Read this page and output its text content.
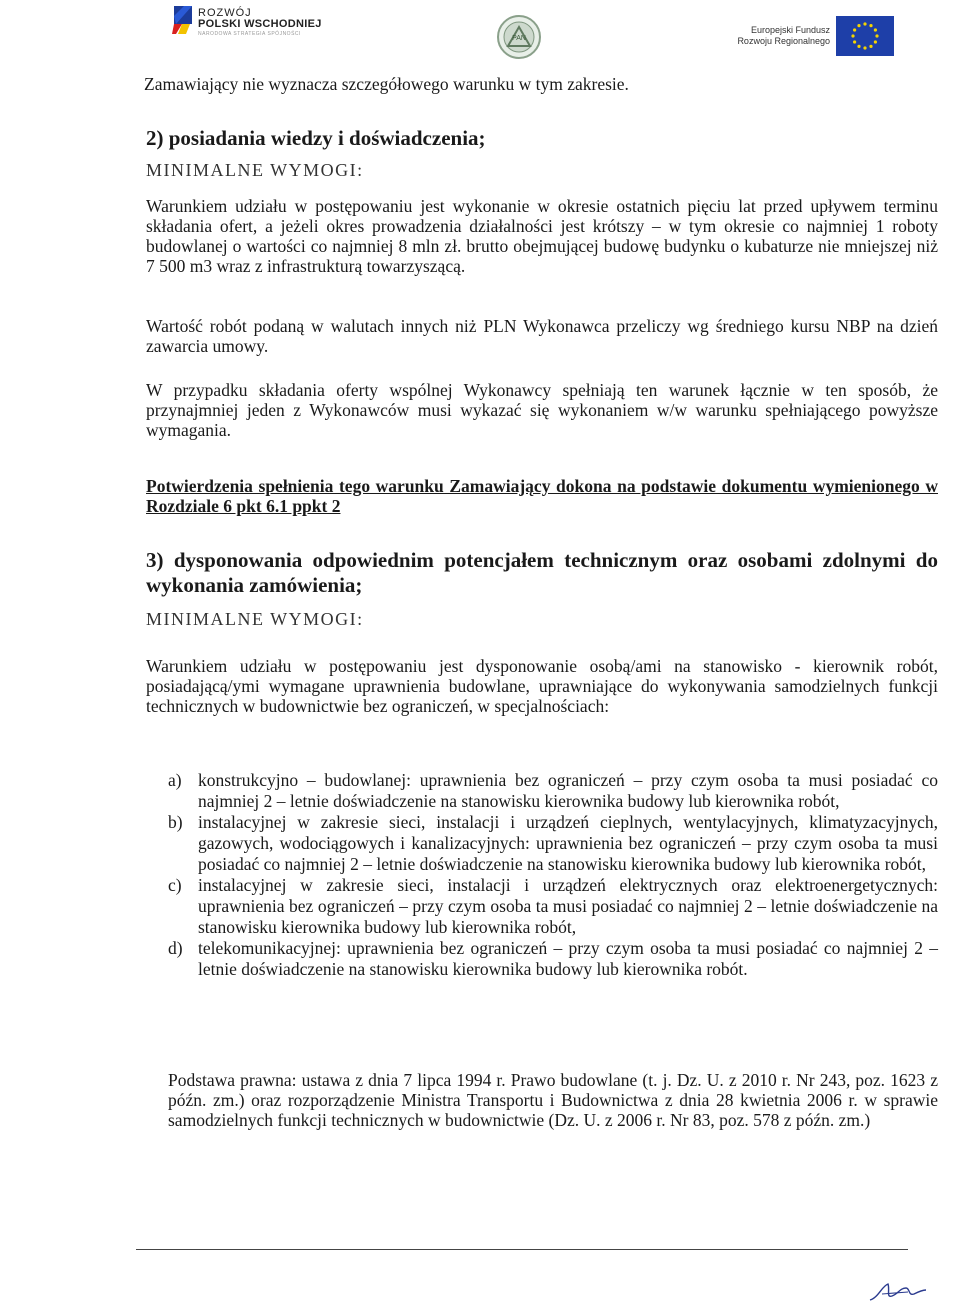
ROZWÓJ
POLSKI WSCHODNIEJ
NARODOWA STRATEGIA SPÓJNOŚCI
PAN
Europejski Fundusz
Rozwoju Regionalnego

Zamawiający nie wyznacza szczegółowego warunku w tym zakresie.

2) posiadania wiedzy i doświadczenia;

MINIMALNE WYMOGI:

Warunkiem udziału w postępowaniu jest wykonanie w okresie ostatnich pięciu lat przed upływem terminu składania ofert, a jeżeli okres prowadzenia działalności jest krótszy – w tym okresie co najmniej 1 roboty budowlanej o wartości co najmniej 8 mln zł. brutto obejmującej budowę budynku o kubaturze nie mniejszej niż 7 500 m3 wraz z infrastrukturą towarzyszącą.

Wartość robót podaną w walutach innych niż PLN Wykonawca przeliczy wg średniego kursu NBP na dzień zawarcia umowy.

W przypadku składania oferty wspólnej Wykonawcy spełniają ten warunek łącznie w ten sposób, że przynajmniej jeden z Wykonawców musi wykazać się wykonaniem w/w warunku spełniającego powyższe wymagania.

Potwierdzenia spełnienia tego warunku Zamawiający dokona na podstawie dokumentu wymienionego w Rozdziale 6 pkt 6.1 ppkt 2

3) dysponowania odpowiednim potencjałem technicznym oraz osobami zdolnymi do wykonania zamówienia;

MINIMALNE WYMOGI:

Warunkiem udziału w postępowaniu jest dysponowanie osobą/ami na stanowisko - kierownik robót, posiadającą/ymi wymagane uprawnienia budowlane, uprawniające do wykonywania samodzielnych funkcji technicznych w budownictwie bez ograniczeń, w specjalnościach:

a) konstrukcyjno – budowlanej: uprawnienia bez ograniczeń – przy czym osoba ta musi posiadać co najmniej 2 – letnie doświadczenie na stanowisku kierownika budowy lub kierownika robót,
b) instalacyjnej w zakresie sieci, instalacji i urządzeń cieplnych, wentylacyjnych, klimatyzacyjnych, gazowych, wodociągowych i kanalizacyjnych: uprawnienia bez ograniczeń – przy czym osoba ta musi posiadać co najmniej 2 – letnie doświadczenie na stanowisku kierownika budowy lub kierownika robót,
c) instalacyjnej w zakresie sieci, instalacji i urządzeń elektrycznych oraz elektroenergetycznych: uprawnienia bez ograniczeń – przy czym osoba ta musi posiadać co najmniej 2 – letnie doświadczenie na stanowisku kierownika budowy lub kierownika robót,
d) telekomunikacyjnej: uprawnienia bez ograniczeń – przy czym osoba ta musi posiadać co najmniej 2 – letnie doświadczenie na stanowisku kierownika budowy lub kierownika robót.

Podstawa prawna: ustawa z dnia 7 lipca 1994 r. Prawo budowlane (t. j. Dz. U. z 2010 r. Nr 243, poz. 1623 z późn. zm.) oraz rozporządzenie Ministra Transportu i Budownictwa z dnia 28 kwietnia 2006 r. w sprawie samodzielnych funkcji technicznych w budownictwie (Dz. U. z 2006 r. Nr 83, poz. 578 z późn. zm.)
